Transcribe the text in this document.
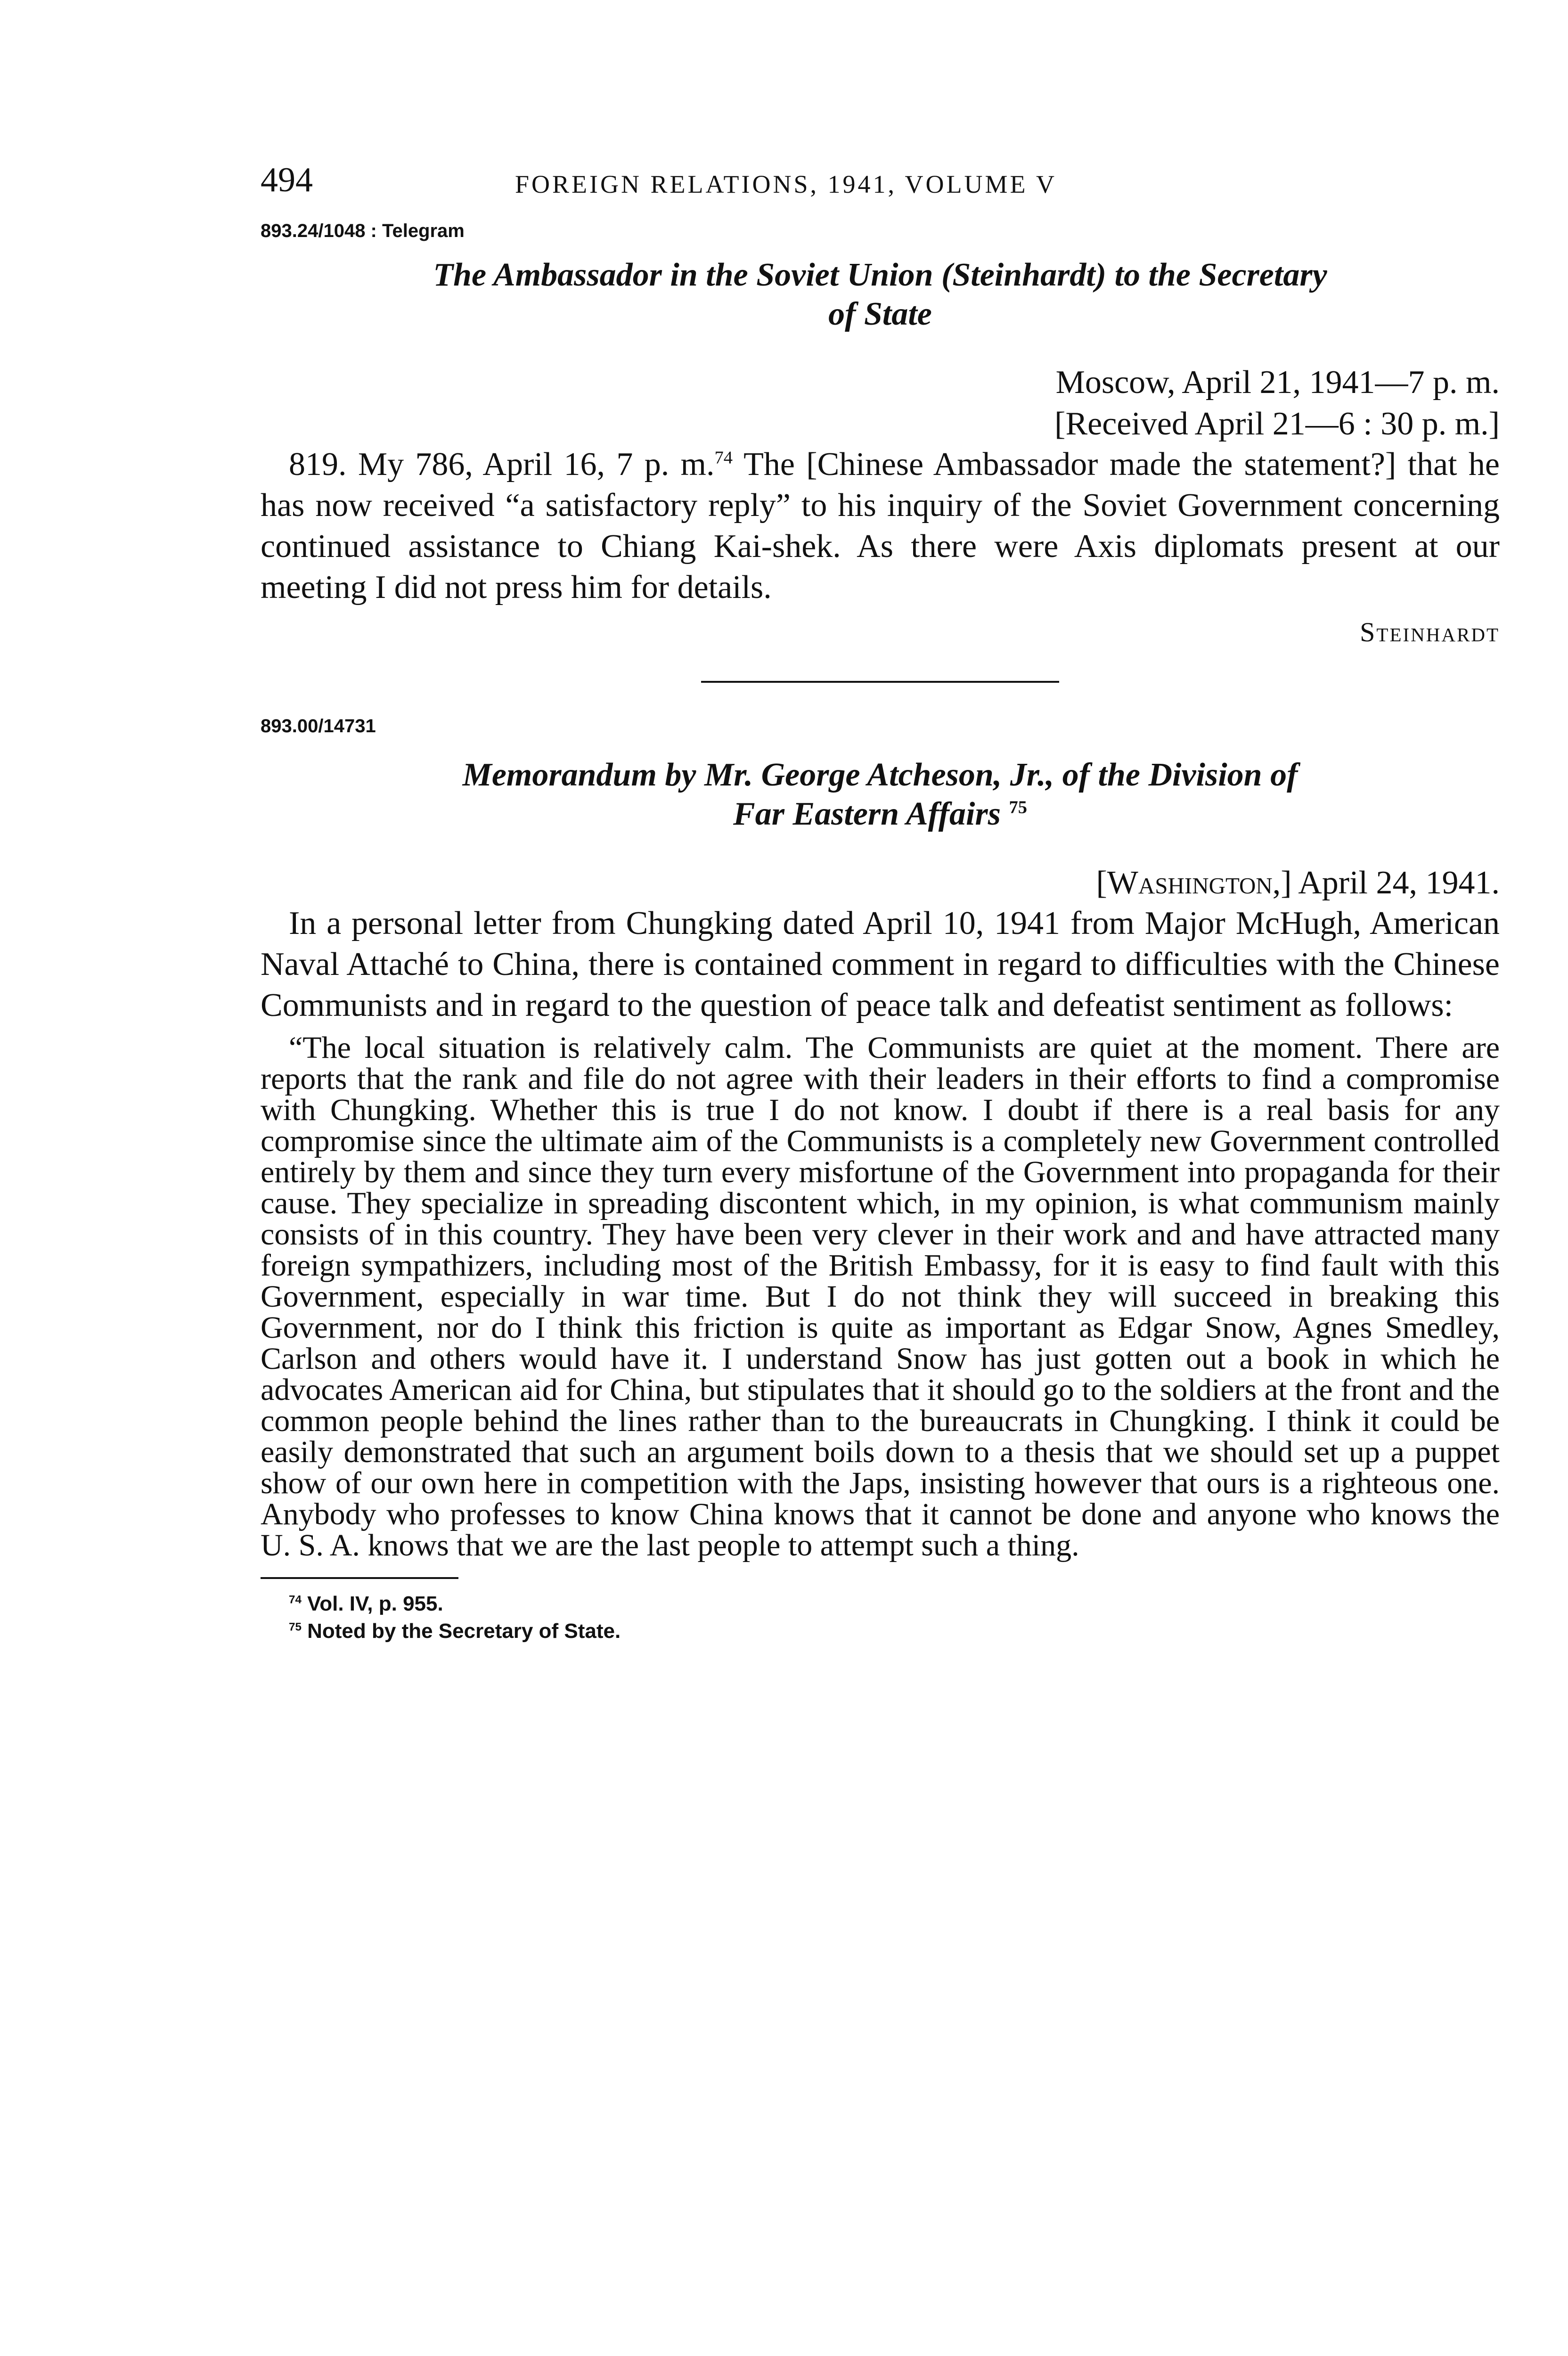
494	FOREIGN RELATIONS, 1941, VOLUME V
893.24/1048 : Telegram
The Ambassador in the Soviet Union (Steinhardt) to the Secretary
of State
Moscow, April 21, 1941—7 p. m.
[Received April 21—6 : 30 p. m.]

819. My 786, April 16, 7 p. m.$^{74}$ The [Chinese Ambassador made the statement?] that he has now received “a satisfactory reply” to his inquiry of the Soviet Government concerning continued assistance to Chiang Kai-shek. As there were Axis diplomats present at our meeting I did not press him for details.

Steinhardt
893.00/14731
Memorandum by Mr. George Atcheson, Jr., of the Division of
Far Eastern Affairs $^{75}$
[Washington,] April 24, 1941.

In a personal letter from Chungking dated April 10, 1941 from Major McHugh, American Naval Attaché to China, there is contained comment in regard to difficulties with the Chinese Communists and in regard to the question of peace talk and defeatist sentiment as follows:

“The local situation is relatively calm. The Communists are quiet at the moment. There are reports that the rank and file do not agree with their leaders in their efforts to find a compromise with Chungking. Whether this is true I do not know. I doubt if there is a real basis for any compromise since the ultimate aim of the Communists is a completely new Government controlled entirely by them and since they turn every misfortune of the Government into propaganda for their cause. They specialize in spreading discontent which, in my opinion, is what communism mainly consists of in this country. They have been very clever in their work and and have attracted many foreign sympathizers, including most of the British Embassy, for it is easy to find fault with this Government, especially in war time. But I do not think they will succeed in breaking this Government, nor do I think this friction is quite as important as Edgar Snow, Agnes Smedley, Carlson and others would have it. I understand Snow has just gotten out a book in which he advocates American aid for China, but stipulates that it should go to the soldiers at the front and the common people behind the lines rather than to the bureaucrats in Chungking. I think it could be easily demonstrated that such an argument boils down to a thesis that we should set up a puppet show of our own here in competition with the Japs, insisting however that ours is a righteous one. Anybody who professes to know China knows that it cannot be done and anyone who knows the U. S. A. knows that we are the last people to attempt such a thing.

$^{74}$ Vol. IV, p. 955.

$^{75}$ Noted by the Secretary of State.
